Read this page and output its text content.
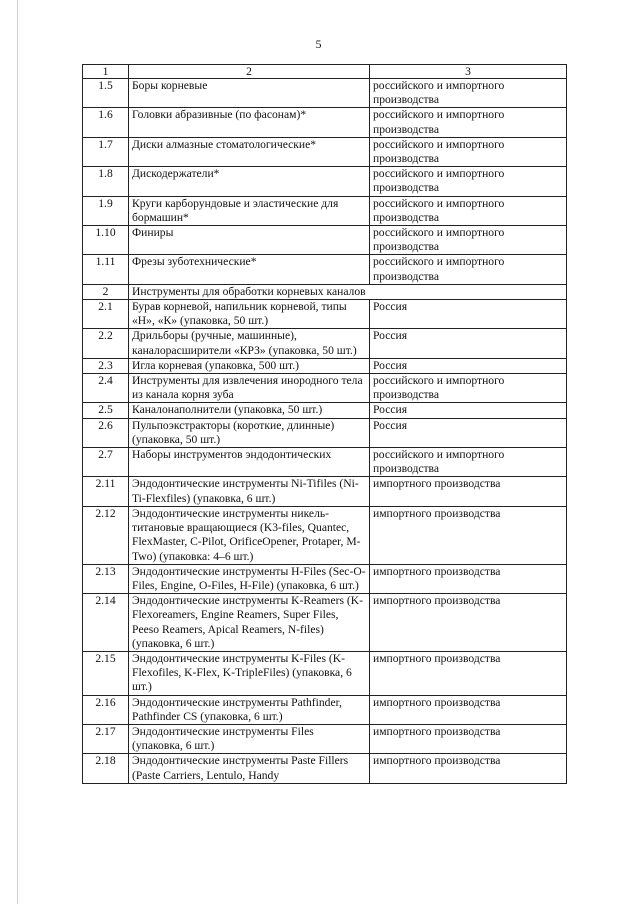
5
1	2	3
1.5	Боры корневые	российского и импортного производства
1.6	Головки абразивные (по фасонам)*	российского и импортного производства
1.7	Диски алмазные стоматологические*	российского и импортного производства
1.8	Дискодержатели*	российского и импортного производства
1.9	Круги карборундовые и эластические для бормашин*	российского и импортного производства
1.10	Финиры	российского и импортного производства
1.11	Фрезы зуботехнические*	российского и импортного производства
2	Инструменты для обработки корневых каналов	
2.1	Бурав корневой, напильник корневой, типы «Н», «К» (упаковка, 50 шт.)	Россия
2.2	Дрильборы (ручные, машинные), каналорасширители «КРЗ» (упаковка, 50 шт.)	Россия
2.3	Игла корневая (упаковка, 500 шт.)	Россия
2.4	Инструменты для извлечения инородного тела из канала корня зуба	российского и импортного производства
2.5	Каналонаполнители (упаковка, 50 шт.)	Россия
2.6	Пульпоэкстракторы (короткие, длинные) (упаковка, 50 шт.)	Россия
2.7	Наборы инструментов эндодонтических	российского и импортного производства
2.11	Эндодонтические инструменты Ni-Tifiles (Ni-Ti-Flexfiles) (упаковка, 6 шт.)	импортного производства
2.12	Эндодонтические инструменты никель-титановые вращающиеся (K3-files, Quantec, FlexMaster, C-Pilot, OrificeOpener, Protaper, M-Two) (упаковка: 4–6 шт.)	импортного производства
2.13	Эндодонтические инструменты H-Files (Sec-O-Files, Engine, O-Files, H-File) (упаковка, 6 шт.)	импортного производства
2.14	Эндодонтические инструменты K-Reamers (K-Flexoreamers, Engine Reamers, Super Files, Peeso Reamers, Apical Reamers, N-files) (упаковка, 6 шт.)	импортного производства
2.15	Эндодонтические инструменты K-Files (K- Flexofiles, K-Flex, K-TripleFiles) (упаковка, 6 шт.)	импортного производства
2.16	Эндодонтические инструменты Pathfinder, Pathfinder CS (упаковка, 6 шт.)	импортного производства
2.17	Эндодонтические инструменты Files (упаковка, 6 шт.)	импортного производства
2.18	Эндодонтические инструменты Paste Fillers (Paste Carriers, Lentulo, Handy	импортного производства
